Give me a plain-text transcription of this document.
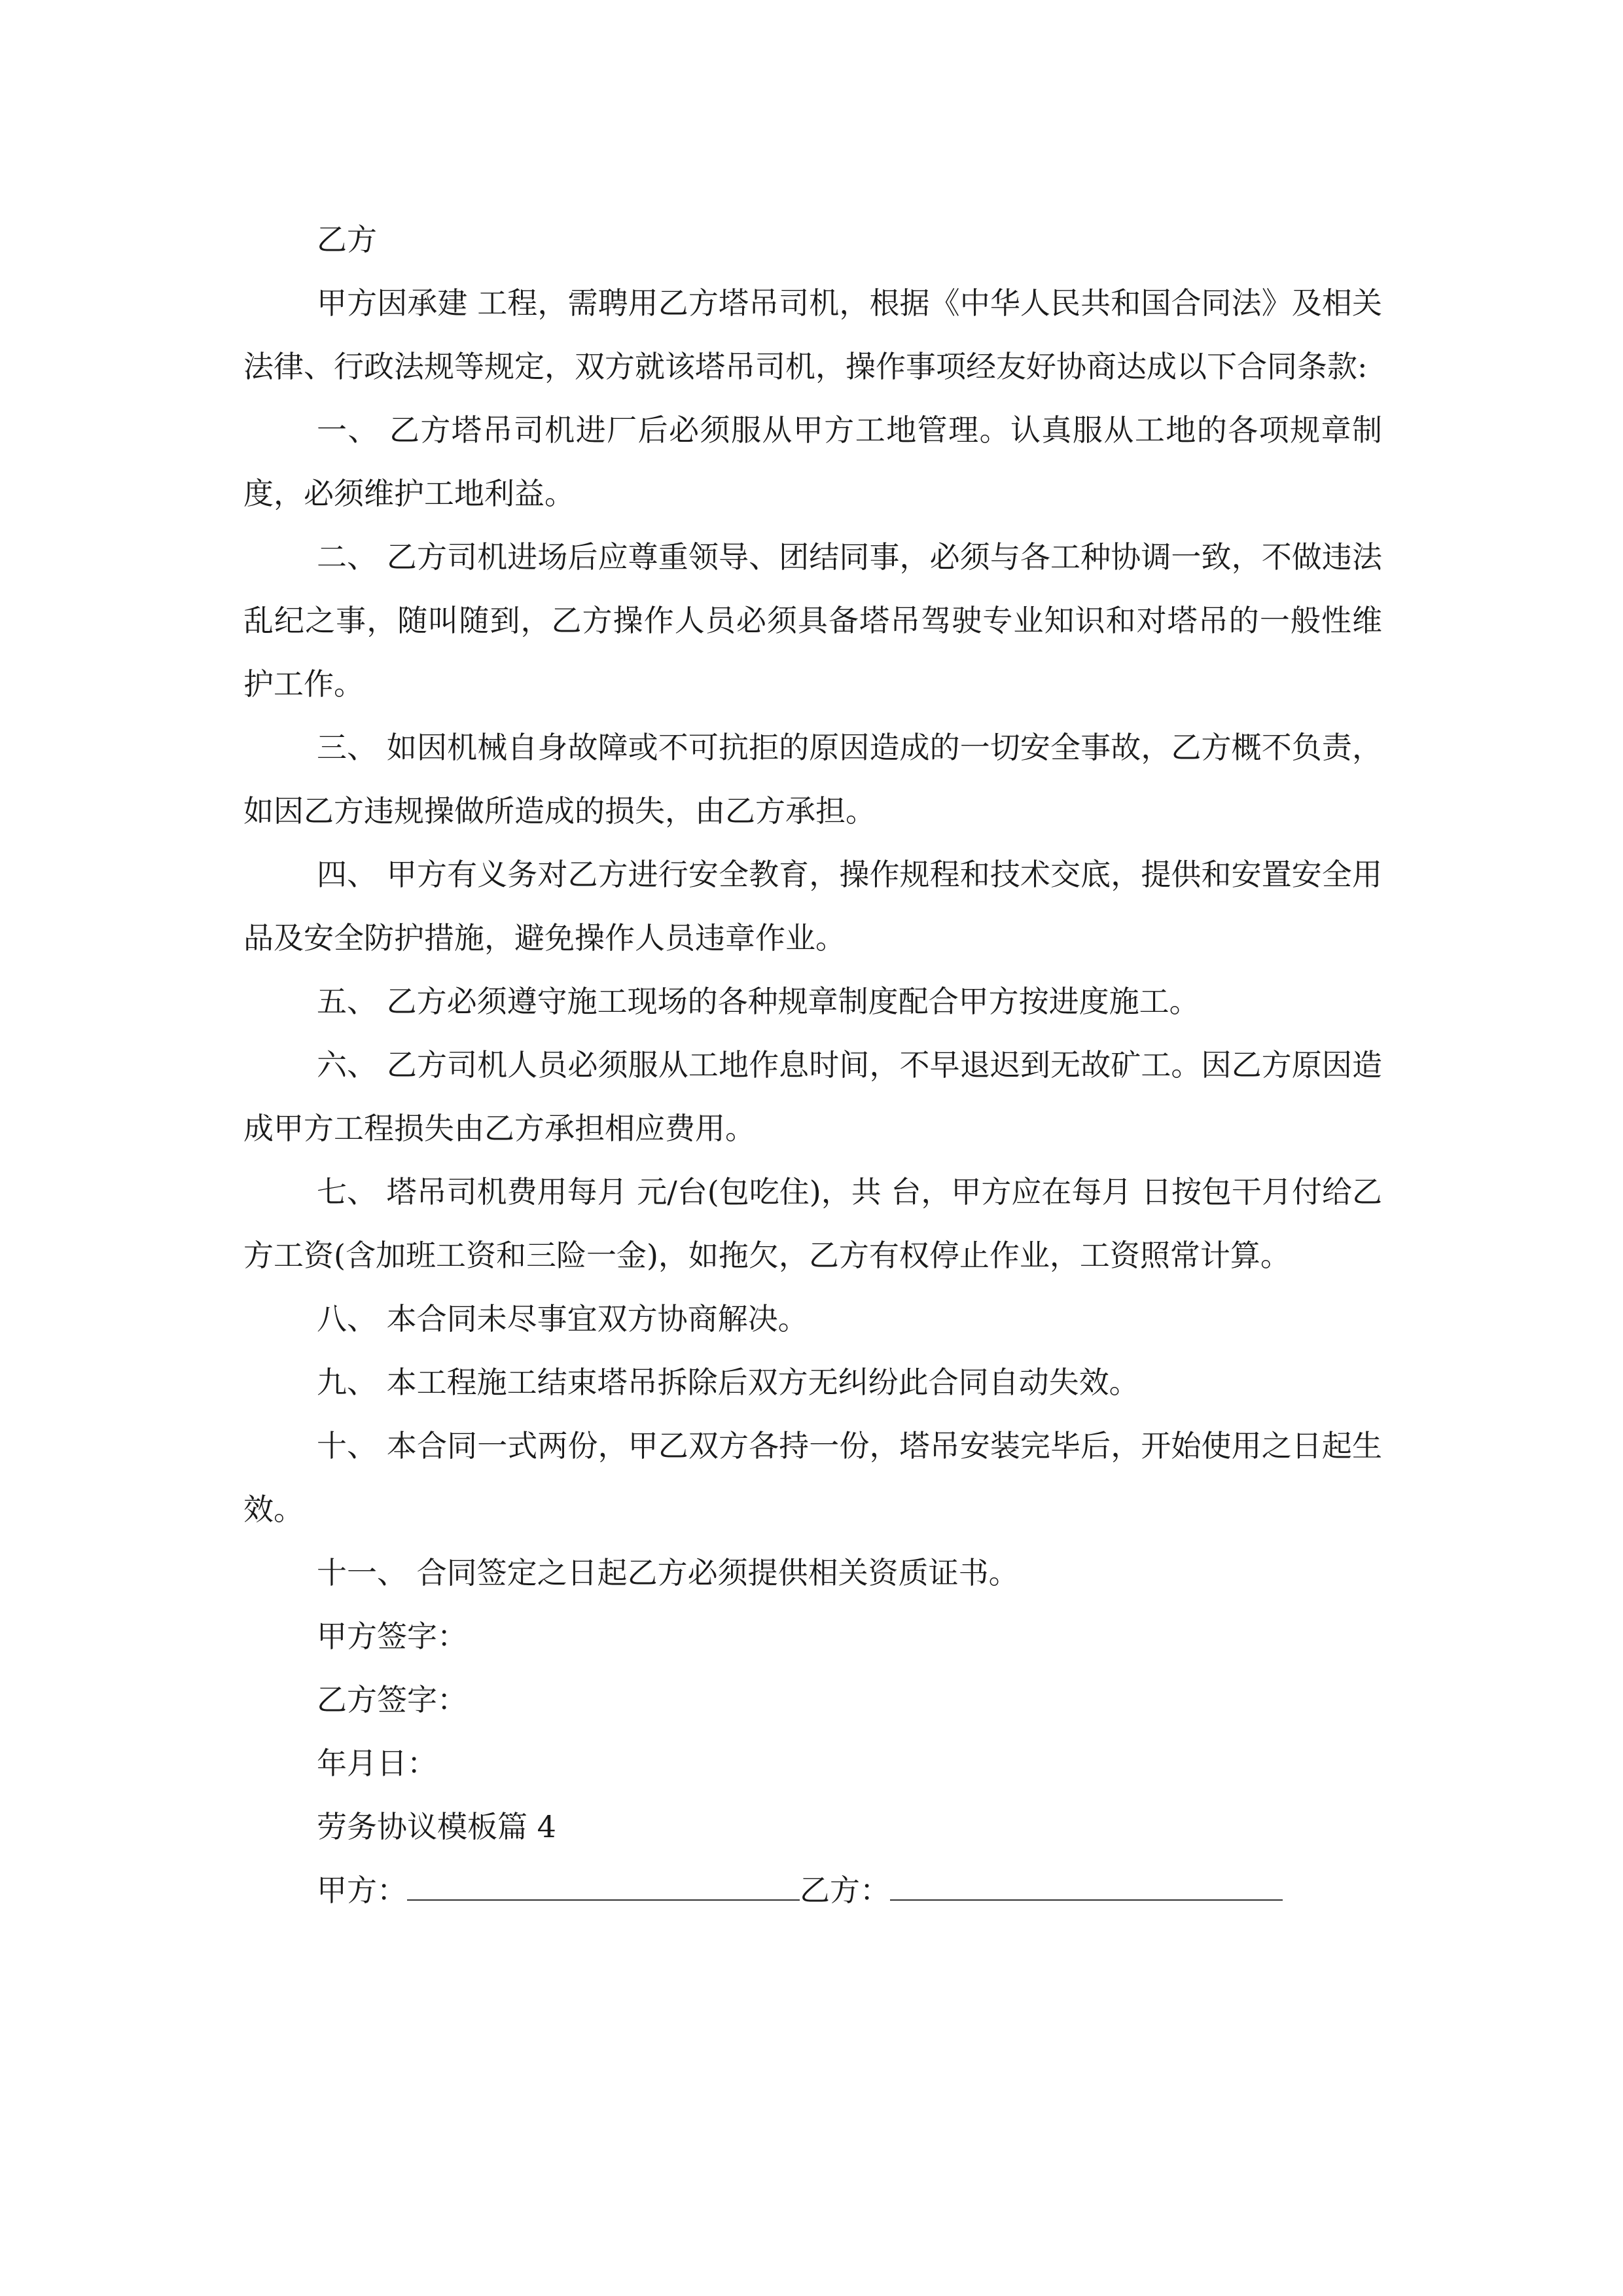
乙方

甲方因承建 工程，需聘用乙方塔吊司机，根据《中华人民共和国合同法》及相关法律、行政法规等规定，双方就该塔吊司机，操作事项经友好协商达成以下合同条款:

一、 乙方塔吊司机进厂后必须服从甲方工地管理。认真服从工地的各项规章制度，必须维护工地利益。

二、 乙方司机进场后应尊重领导、团结同事，必须与各工种协调一致，不做违法乱纪之事，随叫随到，乙方操作人员必须具备塔吊驾驶专业知识和对塔吊的一般性维护工作。

三、 如因机械自身故障或不可抗拒的原因造成的一切安全事故，乙方概不负责，如因乙方违规操做所造成的损失，由乙方承担。

四、 甲方有义务对乙方进行安全教育，操作规程和技术交底，提供和安置安全用品及安全防护措施，避免操作人员违章作业。

五、 乙方必须遵守施工现场的各种规章制度配合甲方按进度施工。

六、 乙方司机人员必须服从工地作息时间，不早退迟到无故矿工。因乙方原因造成甲方工程损失由乙方承担相应费用。

七、 塔吊司机费用每月 元/台(包吃住)，共 台，甲方应在每月 日按包干月付给乙方工资(含加班工资和三险一金)，如拖欠，乙方有权停止作业，工资照常计算。

八、 本合同未尽事宜双方协商解决。

九、 本工程施工结束塔吊拆除后双方无纠纷此合同自动失效。

十、 本合同一式两份，甲乙双方各持一份，塔吊安装完毕后，开始使用之日起生效。

十一、 合同签定之日起乙方必须提供相关资质证书。

甲方签字：

乙方签字：

年月日：

劳务协议模板篇 4

甲方：	乙方：
